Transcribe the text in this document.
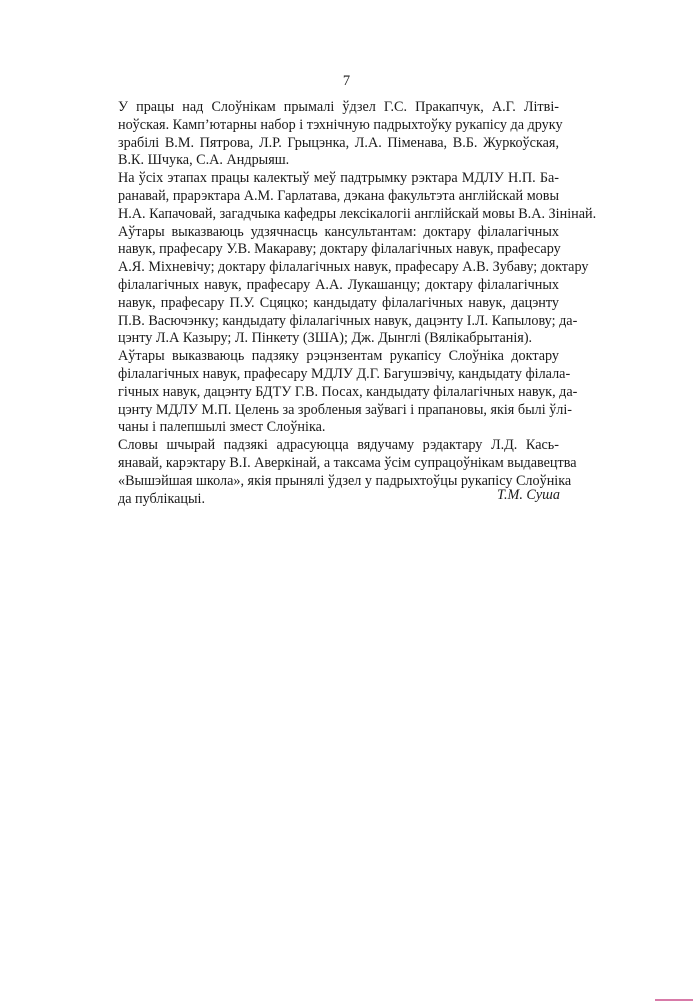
7

У працы над Слоўнікам прымалі ўдзел Г.С. Пракапчук, А.Г. Літві-
ноўская. Камп’ютарны набор і тэхнічную падрыхтоўку рукапісу да друку
зрабілі В.М. Пятрова, Л.Р. Грыцэнка, Л.А. Піменава, В.Б. Журкоўская,
В.К. Шчука, С.А. Андрыяш.

На ўсіх этапах працы калектыў меў падтрымку рэктара МДЛУ Н.П. Ба-
ранавай, прарэктара А.М. Гарлатава, дэкана факультэта англійскай мовы
Н.А. Капачовай, загадчыка кафедры лексікалогіі англійскай мовы В.А. Зінінай.

Аўтары выказваюць удзячнасць кансультантам: доктару філалагічных
навук, прафесару У.В. Макараву; доктару філалагічных навук, прафесару
А.Я. Міхневічу; доктару філалагічных навук, прафесару А.В. Зубаву; доктару
філалагічных навук, прафесару А.А. Лукашанцу; доктару філалагічных
навук, прафесару П.У. Сцяцко; кандыдату філалагічных навук, дацэнту
П.В. Васючэнку; кандыдату філалагічных навук, дацэнту І.Л. Капылову; да-
цэнту Л.А Казыру; Л. Пінкету (ЗША); Дж. Дынглі (Вялікабрытанія).

Аўтары выказваюць падзяку рэцэнзентам рукапісу Слоўніка доктару
філалагічных навук, прафесару МДЛУ Д.Г. Багушэвічу, кандыдату філала-
гічных навук, дацэнту БДТУ Г.В. Посах, кандыдату філалагічных навук, да-
цэнту МДЛУ М.П. Целень за зробленыя заўвагі і прапановы, якія былі ўлі-
чаны і палепшылі змест Слоўніка.

Словы шчырай падзякі адрасуюцца вядучаму рэдактару Л.Д. Кась-
янавай, карэктару В.І. Аверкінай, а таксама ўсім супрацоўнікам выдавецтва
«Вышэйшая школа», якія прынялі ўдзел у падрыхтоўцы рукапісу Слоўніка
да публікацыі.	Т.М. Суша
